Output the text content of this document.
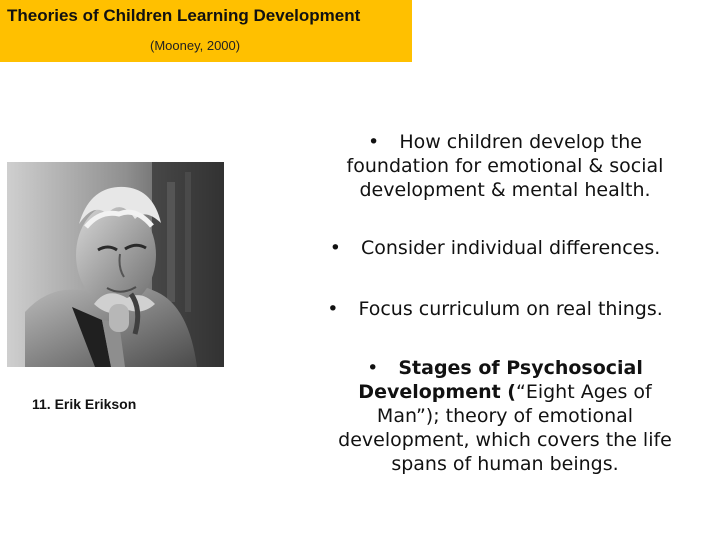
Theories of Children Learning Development
(Mooney, 2000)
11. Erik Erikson
• How children develop the foundation for emotional & social development & mental health.
• Consider individual differences.
• Focus curriculum on real things.
• Stages of Psychosocial Development (“Eight Ages of Man”); theory of emotional development, which covers the life spans of human beings.
